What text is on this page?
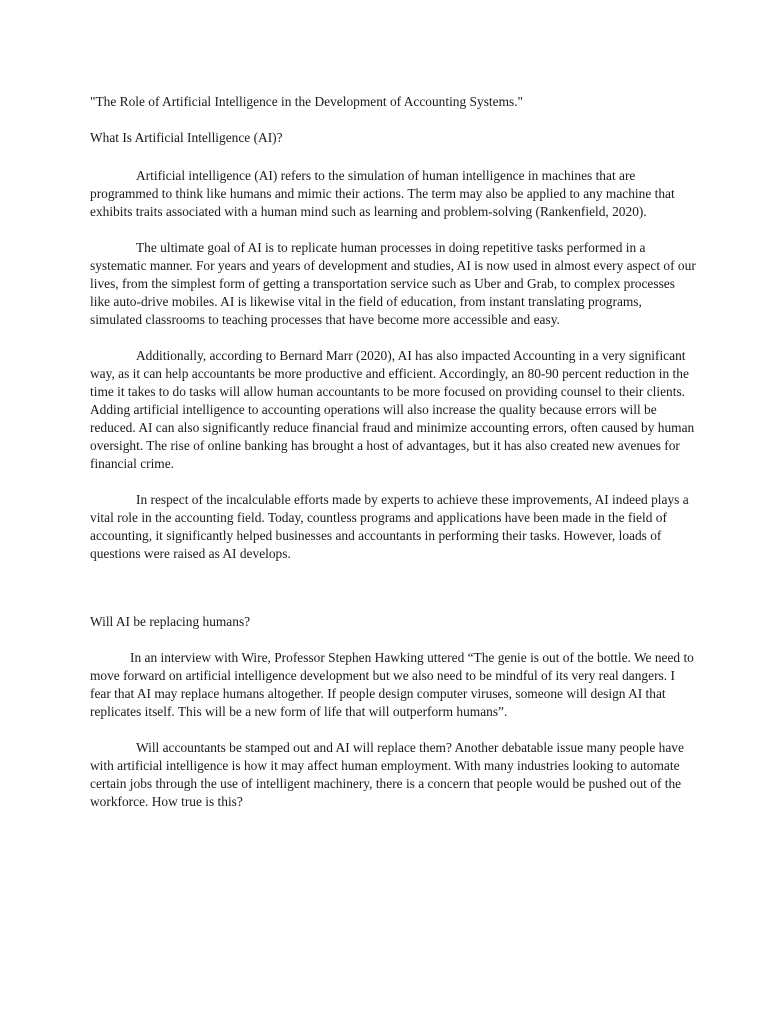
"The Role of Artificial Intelligence in the Development of Accounting Systems."

What Is Artificial Intelligence (AI)?

Artificial intelligence (AI) refers to the simulation of human intelligence in machines that are programmed to think like humans and mimic their actions. The term may also be applied to any machine that exhibits traits associated with a human mind such as learning and problem-solving (Rankenfield, 2020).

The ultimate goal of AI is to replicate human processes in doing repetitive tasks performed in a systematic manner. For years and years of development and studies, AI is now used in almost every aspect of our lives, from the simplest form of getting a transportation service such as Uber and Grab, to complex processes like auto-drive mobiles. AI is likewise vital in the field of education, from instant translating programs, simulated classrooms to teaching processes that have become more accessible and easy.

Additionally, according to Bernard Marr (2020), AI has also impacted Accounting in a very significant way, as it can help accountants be more productive and efficient. Accordingly, an 80-90 percent reduction in the time it takes to do tasks will allow human accountants to be more focused on providing counsel to their clients. Adding artificial intelligence to accounting operations will also increase the quality because errors will be reduced. AI can also significantly reduce financial fraud and minimize accounting errors, often caused by human oversight. The rise of online banking has brought a host of advantages, but it has also created new avenues for financial crime.

In respect of the incalculable efforts made by experts to achieve these improvements, AI indeed plays a vital role in the accounting field. Today, countless programs and applications have been made in the field of accounting, it significantly helped businesses and accountants in performing their tasks. However, loads of questions were raised as AI develops.

Will AI be replacing humans?

In an interview with Wire, Professor Stephen Hawking uttered “The genie is out of the bottle. We need to move forward on artificial intelligence development but we also need to be mindful of its very real dangers. I fear that AI may replace humans altogether. If people design computer viruses, someone will design AI that replicates itself. This will be a new form of life that will outperform humans”.

Will accountants be stamped out and AI will replace them? Another debatable issue many people have with artificial intelligence is how it may affect human employment. With many industries looking to automate certain jobs through the use of intelligent machinery, there is a concern that people would be pushed out of the workforce. How true is this?
